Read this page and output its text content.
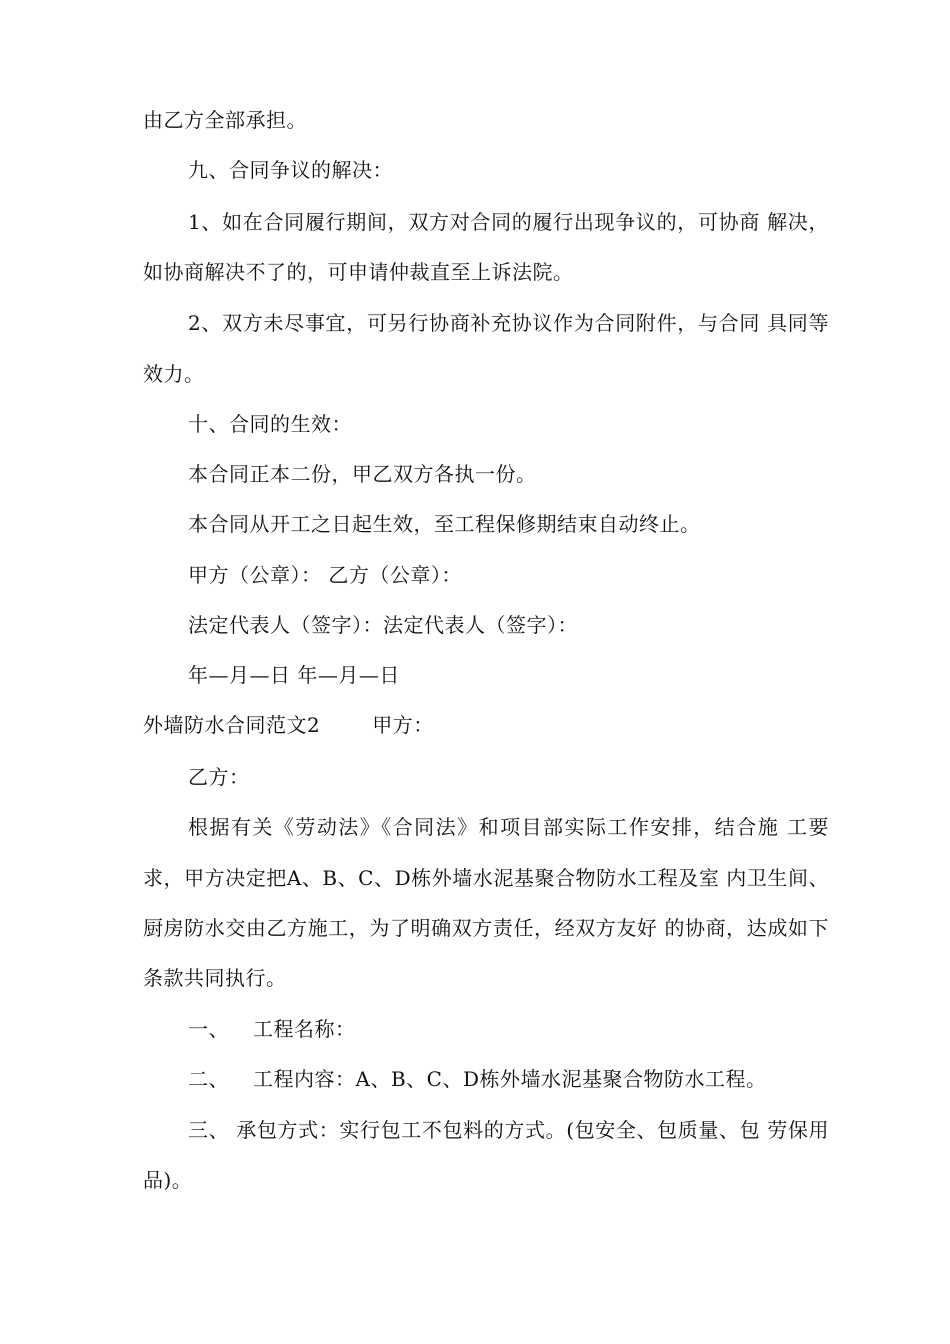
由乙方全部承担。
九、合同争议的解决：
1、如在合同履行期间，双方对合同的履行出现争议的，可协商 解决，
如协商解决不了的，可申请仲裁直至上诉法院。
2、双方未尽事宜，可另行协商补充协议作为合同附件，与合同 具同等
效力。
十、合同的生效：
本合同正本二份，甲乙双方各执一份。
本合同从开工之日起生效，至工程保修期结束自动终止。
甲方（公章）： 乙方（公章）：
法定代表人（签字）：法定代表人（签字）：
年—月—日 年—月—日
外墙防水合同范文2	甲方：
乙方：
根据有关《劳动法》《合同法》和项目部实际工作安排，结合施 工要
求，甲方决定把A、B、C、D栋外墙水泥基聚合物防水工程及室 内卫生间、
厨房防水交由乙方施工，为了明确双方责任，经双方友好 的协商，达成如下
条款共同执行。
一、 工程名称：
二、 工程内容：A、B、C、D栋外墙水泥基聚合物防水工程。
三、 承包方式：实行包工不包料的方式。(包安全、包质量、包 劳保用
品)。
